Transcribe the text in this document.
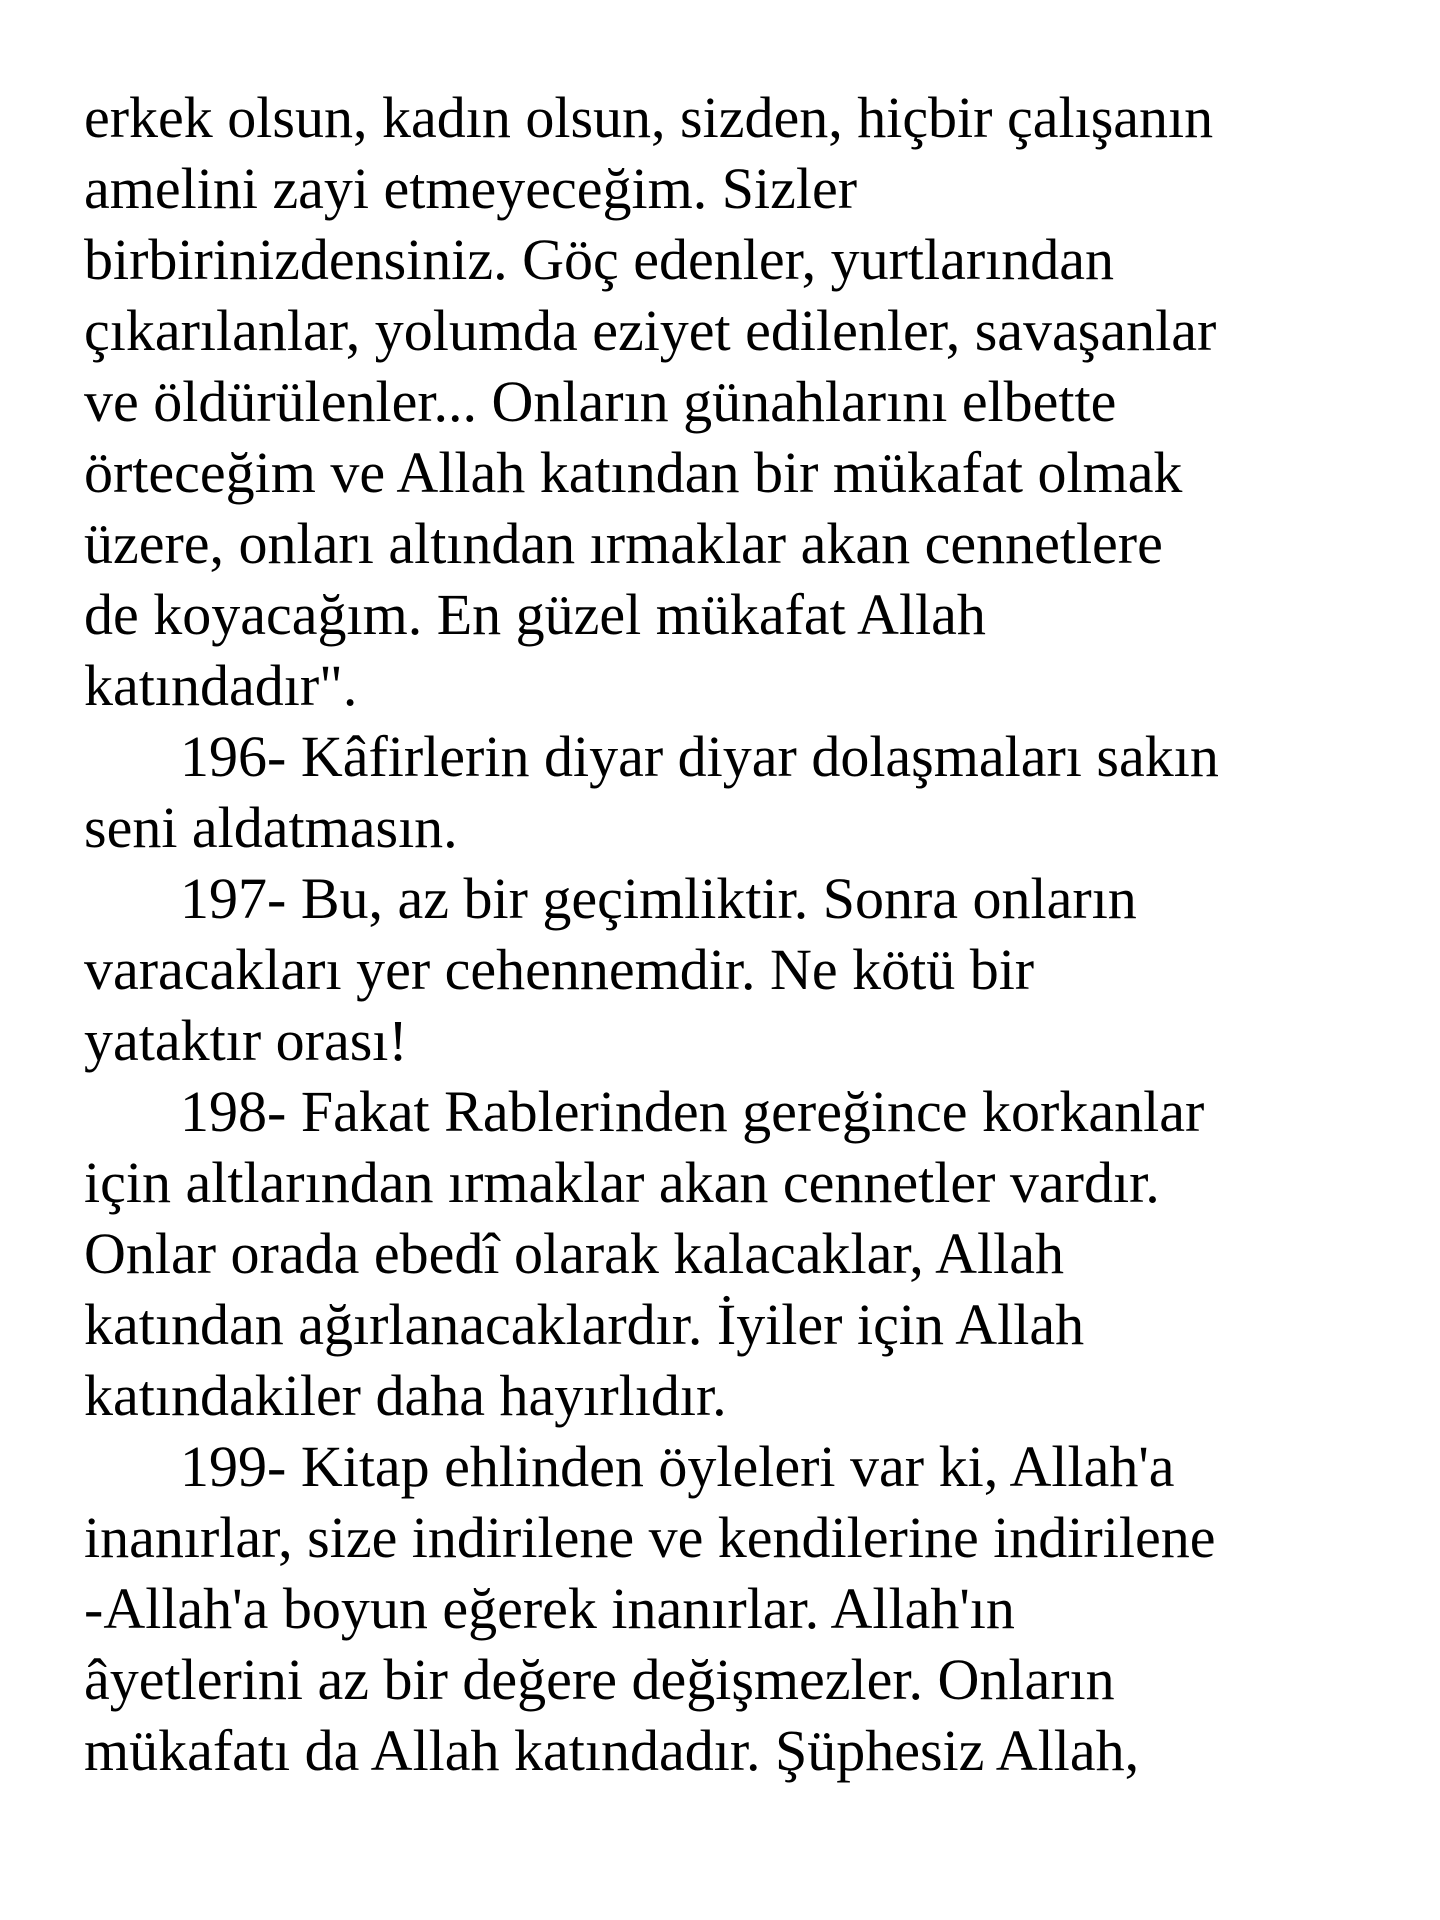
erkek olsun, kadın olsun, sizden, hiçbir çalışanın
amelini zayi etmeyeceğim. Sizler
birbirinizdensiniz. Göç edenler, yurtlarından
çıkarılanlar, yolumda eziyet edilenler, savaşanlar
ve öldürülenler... Onların günahlarını elbette
örteceğim ve Allah katından bir mükafat olmak
üzere, onları altından ırmaklar akan cennetlere
de koyacağım. En güzel mükafat Allah
katındadır".
196- Kâfirlerin diyar diyar dolaşmaları sakın
seni aldatmasın.
197- Bu, az bir geçimliktir. Sonra onların
varacakları yer cehennemdir. Ne kötü bir
yataktır orası!
198- Fakat Rablerinden gereğince korkanlar
için altlarından ırmaklar akan cennetler vardır.
Onlar orada ebedî olarak kalacaklar, Allah
katından ağırlanacaklardır. İyiler için Allah
katındakiler daha hayırlıdır.
199- Kitap ehlinden öyleleri var ki, Allah'a
inanırlar, size indirilene ve kendilerine indirilene
-Allah'a boyun eğerek inanırlar. Allah'ın
âyetlerini az bir değere değişmezler. Onların
mükafatı da Allah katındadır. Şüphesiz Allah,
